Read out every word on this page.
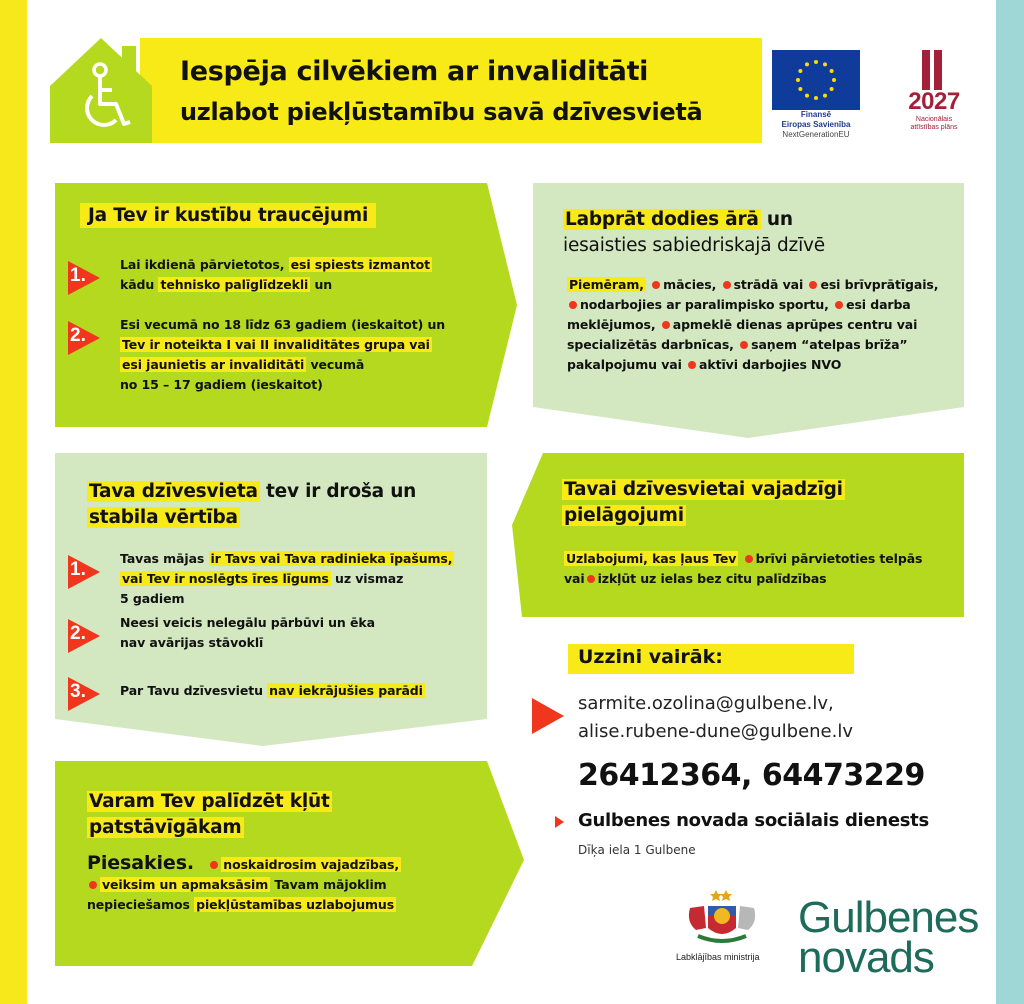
Iespēja cilvēkiem ar invaliditāti
uzlabot piekļūstamību savā dzīvesvietā	Finansē
Eiropas Savienība
NextGenerationEU
2027
Nacionālais
attīstības plāns
Ja Tev ir kustību traucējumi
1.
Lai ikdienā pārvietotos, esi spiests izmantot
kādu tehnisko palīglīdzekli un
2.
Esi vecumā no 18 līdz 63 gadiem (ieskaitot) un
Tev ir noteikta I vai II invaliditātes grupa vai
esi jaunietis ar invaliditāti vecumā
no 15 – 17 gadiem (ieskaitot)
Labprāt dodies ārā un
iesaisties sabiedriskajā dzīvē
Piemēram, mācies, strādā vai esi brīvprātīgais, nodarbojies ar paralimpisko sportu, esi darba meklējumos, apmeklē dienas aprūpes centru vai specializētās darbnīcas, saņem “atelpas brīža” pakalpojumu vai aktīvi darbojies NVO
Tava dzīvesvieta tev ir droša un
stabila vērtība
1.
Tavas mājas ir Tavs vai Tava radinieka īpašums,
vai Tev ir noslēgts īres līgums uz vismaz
5 gadiem
2.
Neesi veicis nelegālu pārbūvi un ēka
nav avārijas stāvoklī
3.	Par Tavu dzīvesvietu nav iekrājušies parādi
Tavai dzīvesvietai vajadzīgi
pielāgojumi
Uzlabojumi, kas ļaus Tev brīvi pārvietoties telpās
vai izkļūt uz ielas bez citu palīdzības
Varam Tev palīdzēt kļūt
patstāvīgākam
Piesakies. noskaidrosim vajadzības,
veiksim un apmaksāsim Tavam mājoklim
nepieciešamos piekļūstamības uzlabojumus
Uzzini vairāk:
sarmite.ozolina@gulbene.lv,
alise.rubene-dune@gulbene.lv
26412364, 64473229
Gulbenes novada sociālais dienests
Dīķa iela 1 Gulbene
Labklājības ministrija
Gulbenes
novads
